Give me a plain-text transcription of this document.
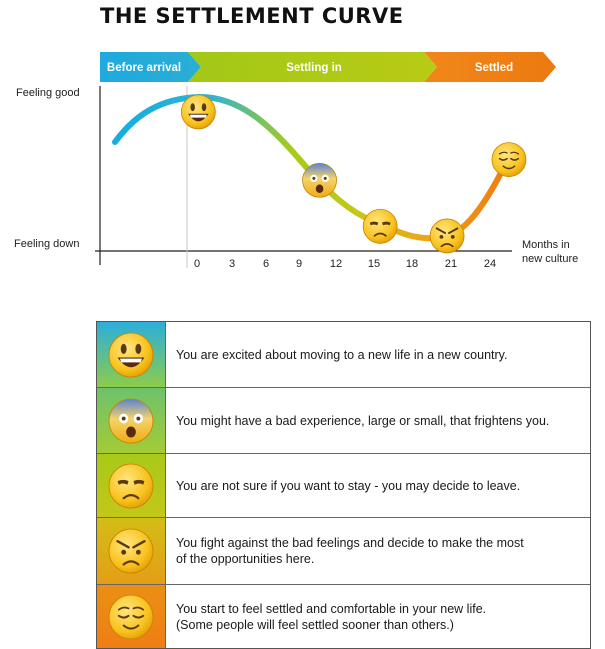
THE SETTLEMENT CURVE
Before arrival	Settling in	Settled
Feeling good
Feeling down	Months in
new culture
0	3	6 9	12 15 18 21 24
You are excited about moving to a new life in a new country.
You might have a bad experience, large or small, that frightens you.
You are not sure if you want to stay - you may decide to leave.
You fight against the bad feelings and decide to make the most
of the opportunities here.
You start to feel settled and comfortable in your new life.
(Some people will feel settled sooner than others.)
